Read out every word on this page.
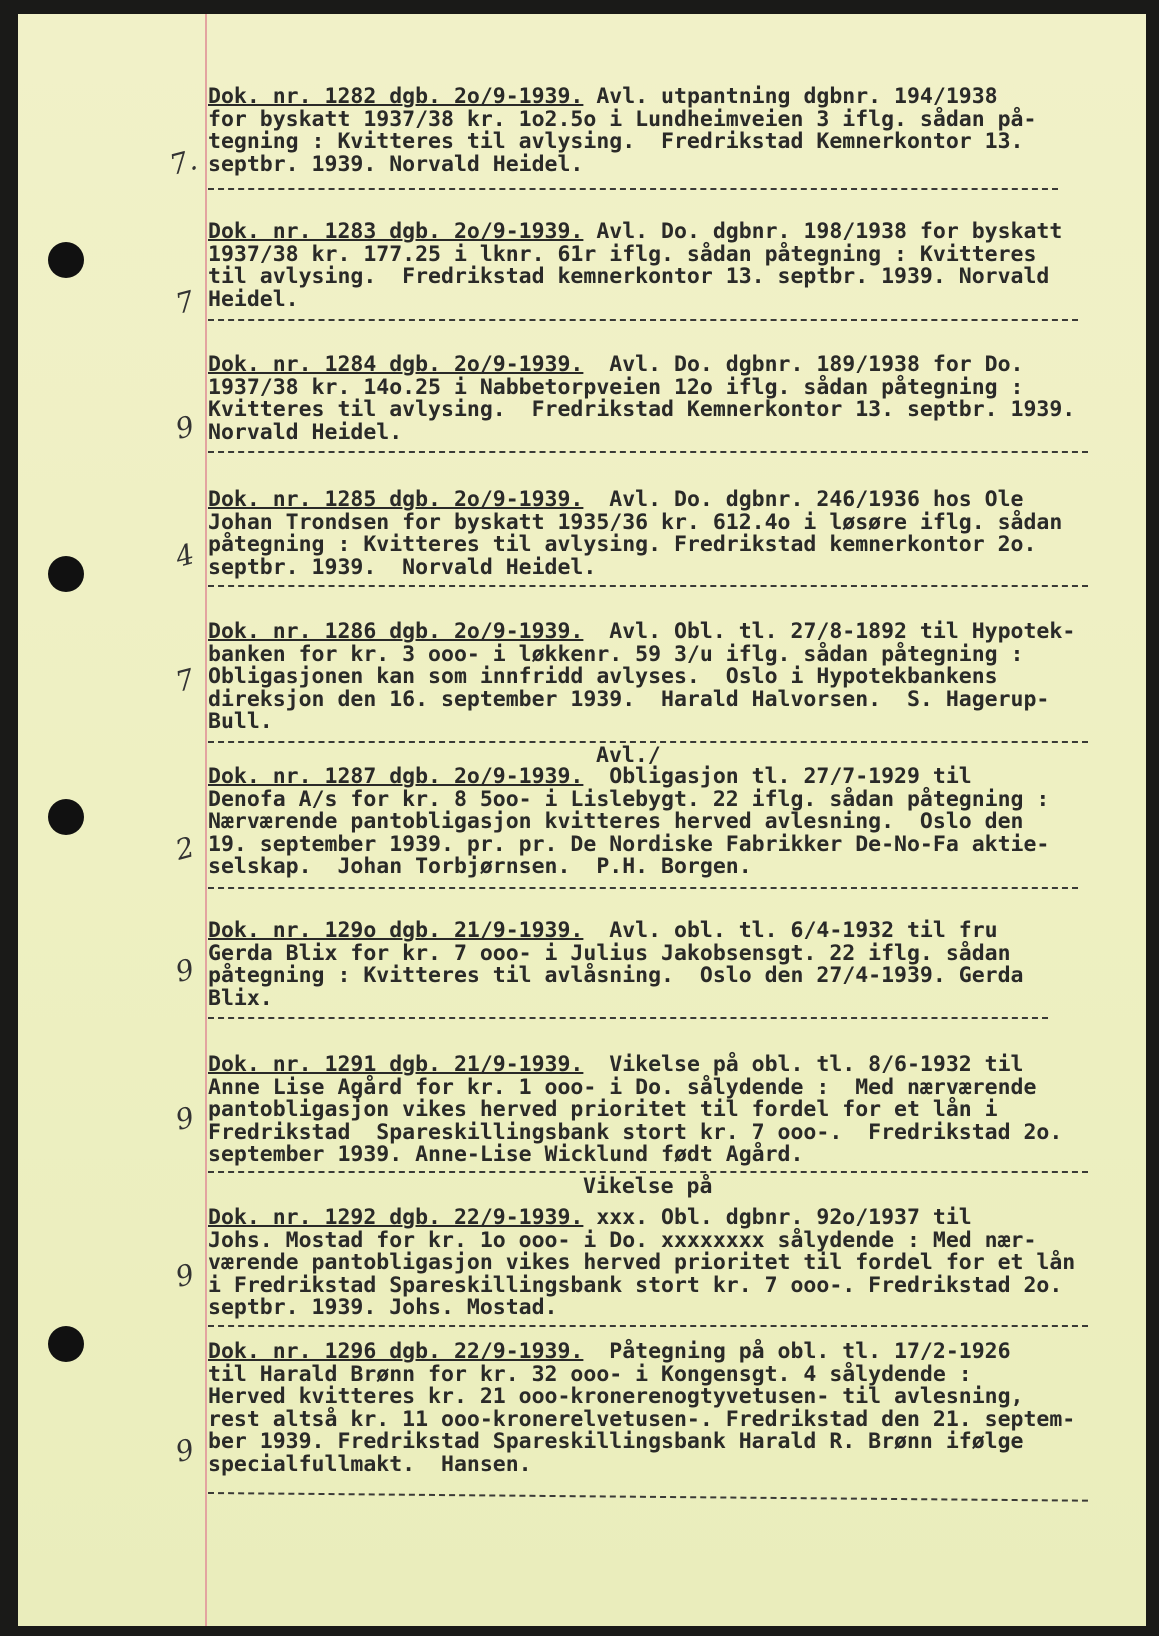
7.
Dok. nr. 1282 dgb. 2o/9-1939. Avl. utpantning dgbnr. 194/1938
for byskatt 1937/38 kr. 1o2.5o i Lundheimveien 3 iflg. sådan på-
tegning : Kvitteres til avlysing.  Fredrikstad Kemnerkontor 13.
septbr. 1939. Norvald Heidel.
7
Dok. nr. 1283 dgb. 2o/9-1939. Avl. Do. dgbnr. 198/1938 for byskatt
1937/38 kr. 177.25 i lknr. 61r iflg. sådan påtegning : Kvitteres
til avlysing.  Fredrikstad kemnerkontor 13. septbr. 1939. Norvald
Heidel.
9
Dok. nr. 1284 dgb. 2o/9-1939.  Avl. Do. dgbnr. 189/1938 for Do.
1937/38 kr. 14o.25 i Nabbetorpveien 12o iflg. sådan påtegning :
Kvitteres til avlysing.  Fredrikstad Kemnerkontor 13. septbr. 1939.
Norvald Heidel.
4
Dok. nr. 1285 dgb. 2o/9-1939.  Avl. Do. dgbnr. 246/1936 hos Ole
Johan Trondsen for byskatt 1935/36 kr. 612.4o i løsøre iflg. sådan
påtegning : Kvitteres til avlysing. Fredrikstad kemnerkontor 2o.
septbr. 1939.  Norvald Heidel.
7
Dok. nr. 1286 dgb. 2o/9-1939.  Avl. Obl. tl. 27/8-1892 til Hypotek-
banken for kr. 3 ooo- i løkkenr. 59 3/u iflg. sådan påtegning :
Obligasjonen kan som innfridd avlyses.  Oslo i Hypotekbankens
direksjon den 16. september 1939.  Harald Halvorsen.  S. Hagerup-
Bull.
Avl./
2
Dok. nr. 1287 dgb. 2o/9-1939.  Obligasjon tl. 27/7-1929 til
Denofa A/s for kr. 8 5oo- i Lislebygt. 22 iflg. sådan påtegning :
Nærværende pantobligasjon kvitteres herved avlesning.  Oslo den
19. september 1939. pr. pr. De Nordiske Fabrikker De-No-Fa aktie-
selskap.  Johan Torbjørnsen.  P.H. Borgen.
9
Dok. nr. 129o dgb. 21/9-1939.  Avl. obl. tl. 6/4-1932 til fru
Gerda Blix for kr. 7 ooo- i Julius Jakobsensgt. 22 iflg. sådan
påtegning : Kvitteres til avlåsning.  Oslo den 27/4-1939. Gerda
Blix.
9
Dok. nr. 1291 dgb. 21/9-1939.  Vikelse på obl. tl. 8/6-1932 til
Anne Lise Agård for kr. 1 ooo- i Do. sålydende :  Med nærværende
pantobligasjon vikes herved prioritet til fordel for et lån i
Fredrikstad  Spareskillingsbank stort kr. 7 ooo-.  Fredrikstad 2o.
september 1939. Anne-Lise Wicklund født Agård.
Vikelse på
9
Dok. nr. 1292 dgb. 22/9-1939. xxx. Obl. dgbnr. 92o/1937 til
Johs. Mostad for kr. 1o ooo- i Do. xxxxxxxx sålydende : Med nær-
værende pantobligasjon vikes herved prioritet til fordel for et lån
i Fredrikstad Spareskillingsbank stort kr. 7 ooo-. Fredrikstad 2o.
septbr. 1939. Johs. Mostad.
9
Dok. nr. 1296 dgb. 22/9-1939.  Påtegning på obl. tl. 17/2-1926
til Harald Brønn for kr. 32 ooo- i Kongensgt. 4 sålydende :
Herved kvitteres kr. 21 ooo-kronerenogtyvetusen- til avlesning,
rest altså kr. 11 ooo-kronerelvetusen-. Fredrikstad den 21. septem-
ber 1939. Fredrikstad Spareskillingsbank Harald R. Brønn ifølge
specialfullmakt.  Hansen.
